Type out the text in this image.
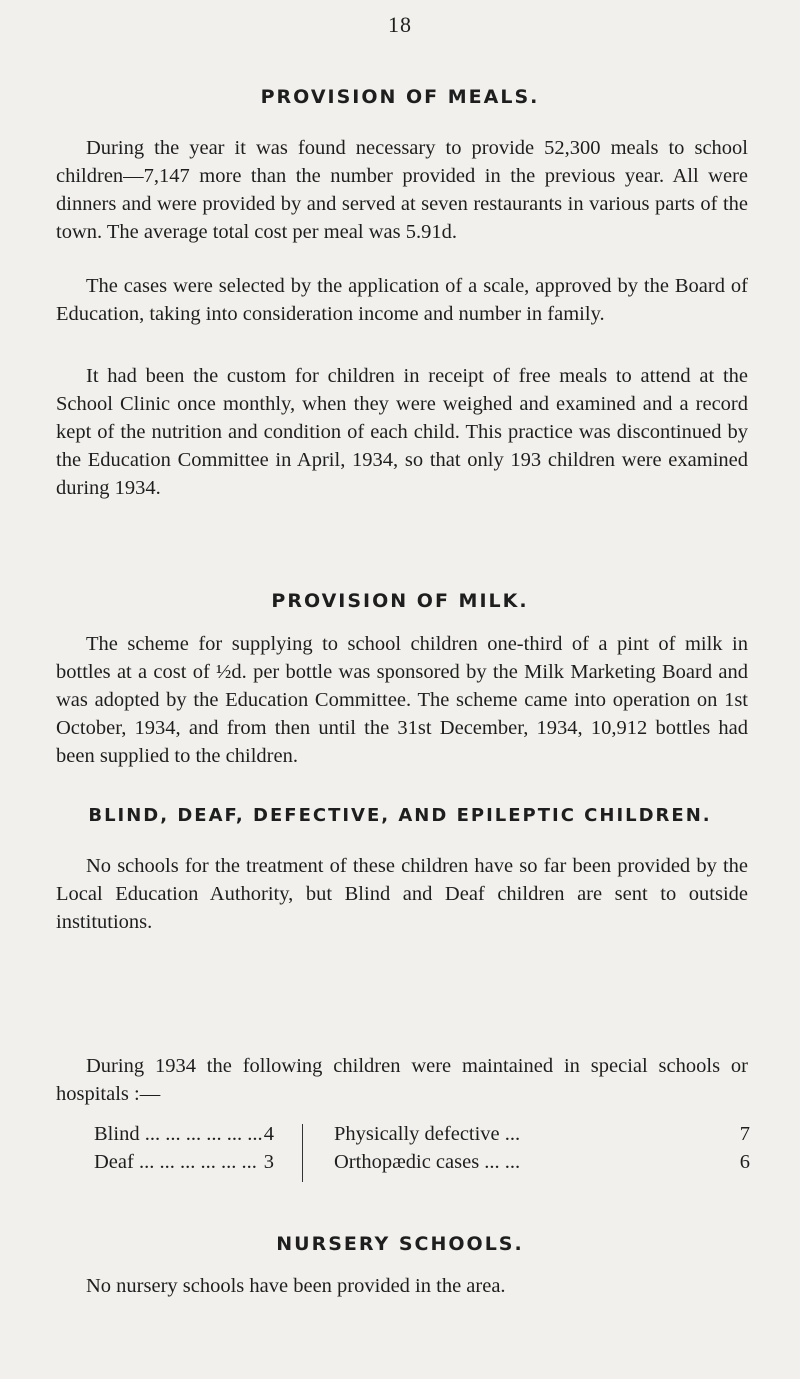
18
PROVISION OF MEALS.

During the year it was found necessary to provide 52,300 meals to school children—7,147 more than the number provided in the previous year. All were dinners and were provided by and served at seven restaurants in various parts of the town. The average total cost per meal was 5.91d.

The cases were selected by the application of a scale, approved by the Board of Education, taking into consideration income and number in family.

It had been the custom for children in receipt of free meals to attend at the School Clinic once monthly, when they were weighed and examined and a record kept of the nutrition and condition of each child. This practice was discontinued by the Education Committee in April, 1934, so that only 193 children were examined during 1934.

PROVISION OF MILK.

The scheme for supplying to school children one-third of a pint of milk in bottles at a cost of ½d. per bottle was sponsored by the Milk Marketing Board and was adopted by the Education Committee. The scheme came into operation on 1st October, 1934, and from then until the 31st December, 1934, 10,912 bottles had been supplied to the children.

BLIND, DEAF, DEFECTIVE, AND EPILEPTIC CHILDREN.

No schools for the treatment of these children have so far been provided by the Local Education Authority, but Blind and Deaf children are sent to outside institutions.

During 1934 the following children were maintained in special schools or hospitals :—

Blind ... ... ... ... ... ... 4
Deaf ... ... ... ... ... ... 3
Physically defective ...	7
Orthopædic cases ... ...	6
NURSERY SCHOOLS.

No nursery schools have been provided in the area.
